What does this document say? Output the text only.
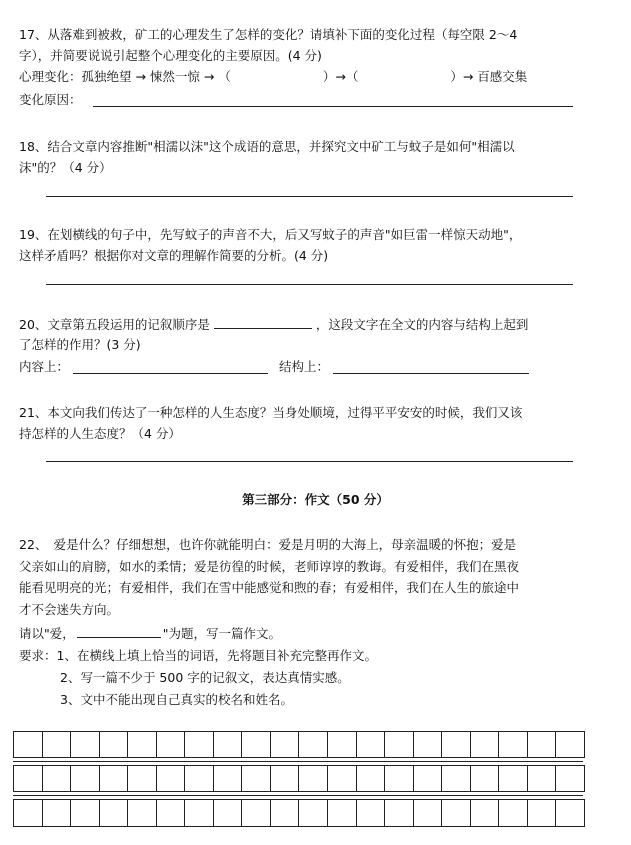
17、从落难到被救，矿工的心理发生了怎样的变化？请填补下面的变化过程（每空限 2～4
字），并简要说说引起整个心理变化的主要原因。(4 分)
心理变化：孤独绝望 → 悚然一惊 → （	）→（	）→ 百感交集
变化原因：
18、结合文章内容推断"相濡以沫"这个成语的意思，并探究文中矿工与蚊子是如何"相濡以
沫"的？（4 分）
19、在划横线的句子中，先写蚊子的声音不大，后又写蚊子的声音"如巨雷一样惊天动地"，
这样矛盾吗？根据你对文章的理解作简要的分析。(4 分)
20、文章第五段运用的记叙顺序是	，这段文字在全文的内容与结构上起到
了怎样的作用？(3 分)
内容上：	结构上：
21、本文向我们传达了一种怎样的人生态度？当身处顺境，过得平平安安的时候，我们又该
持怎样的人生态度？（4 分）
第三部分：作文（50 分）
22、　爱是什么？仔细想想，也许你就能明白：爱是月明的大海上，母亲温暖的怀抱；爱是
父亲如山的肩膀，如水的柔情；爱是彷徨的时候，老师谆谆的教诲。有爱相伴，我们在黑夜
能看见明亮的光；有爱相伴，我们在雪中能感觉和煦的春；有爱相伴，我们在人生的旅途中
才不会迷失方向。
请以"爱，	"为题，写一篇作文。
要求：1、在横线上填上恰当的词语，先将题目补充完整再作文。
2、写一篇不少于 500 字的记叙文，表达真情实感。
3、文中不能出现自己真实的校名和姓名。
